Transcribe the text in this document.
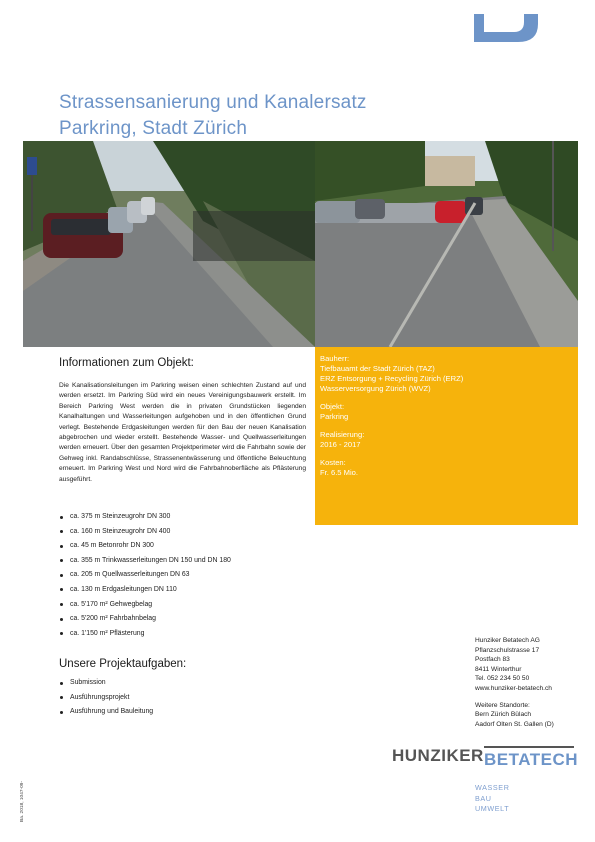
Strassensanierung und Kanalersatz
Parkring, Stadt Zürich
Bauherr:
Tiefbauamt der Stadt Zürich (TAZ)
ERZ Entsorgung + Recycling Zürich (ERZ)
Wasserversorgung Zürich (WVZ)
Objekt:
Parkring
Realisierung:
2016 - 2017
Kosten:
Fr. 6.5 Mio.
Informationen zum Objekt:

Die Kanalisationsleitungen im Parkring weisen einen schlechten Zustand auf und werden ersetzt. Im Parkring Süd wird ein neues Vereinigungsbauwerk erstellt. Im Bereich Parkring West werden die in privaten Grundstücken liegenden Kanalhaltungen und Wasserleitungen aufgehoben und in den öffentlichen Grund verlegt. Bestehende Erdgasleitungen werden für den Bau der neuen Kanalisation abgebrochen und wieder erstellt. Bestehende Wasser- und Quellwasserleitungen werden erneuert. Über den gesamten Projektperimeter wird die Fahrbahn sowie der Gehweg inkl. Randabschlüsse, Strassenentwässerung und öffentliche Beleuchtung erneuert. Im Parkring West und Nord wird die Fahrbahnoberfläche als Pflästerung ausgeführt.

ca. 375 m Steinzeugrohr DN 300
ca. 160 m Steinzeugrohr DN 400
ca. 45 m Betonrohr DN 300
ca. 355 m Trinkwasserleitungen DN 150 und DN 180
ca. 205 m Quellwasserleitungen DN 63
ca. 130 m Erdgasleitungen DN 110
ca. 5'170 m² Gehwegbelag
ca. 5'200 m² Fahrbahnbelag
ca. 1'150 m² Pflästerung
Unsere Projektaufgaben:
Submission
Ausführungsprojekt
Ausführung und Bauleitung
Hunziker Betatech AG
Pflanzschulstrasse 17
Postfach 83
8411 Winterthur
Tel. 052 234 50 50
www.hunziker-betatech.ch
Weitere Standorte:
Bern Zürich Bülach
Aadorf Olten St. Gallen (D)
HUNZIKER BETATECH
WASSER
BAU
UMWELT
Ba. 2018, 1047-09-
